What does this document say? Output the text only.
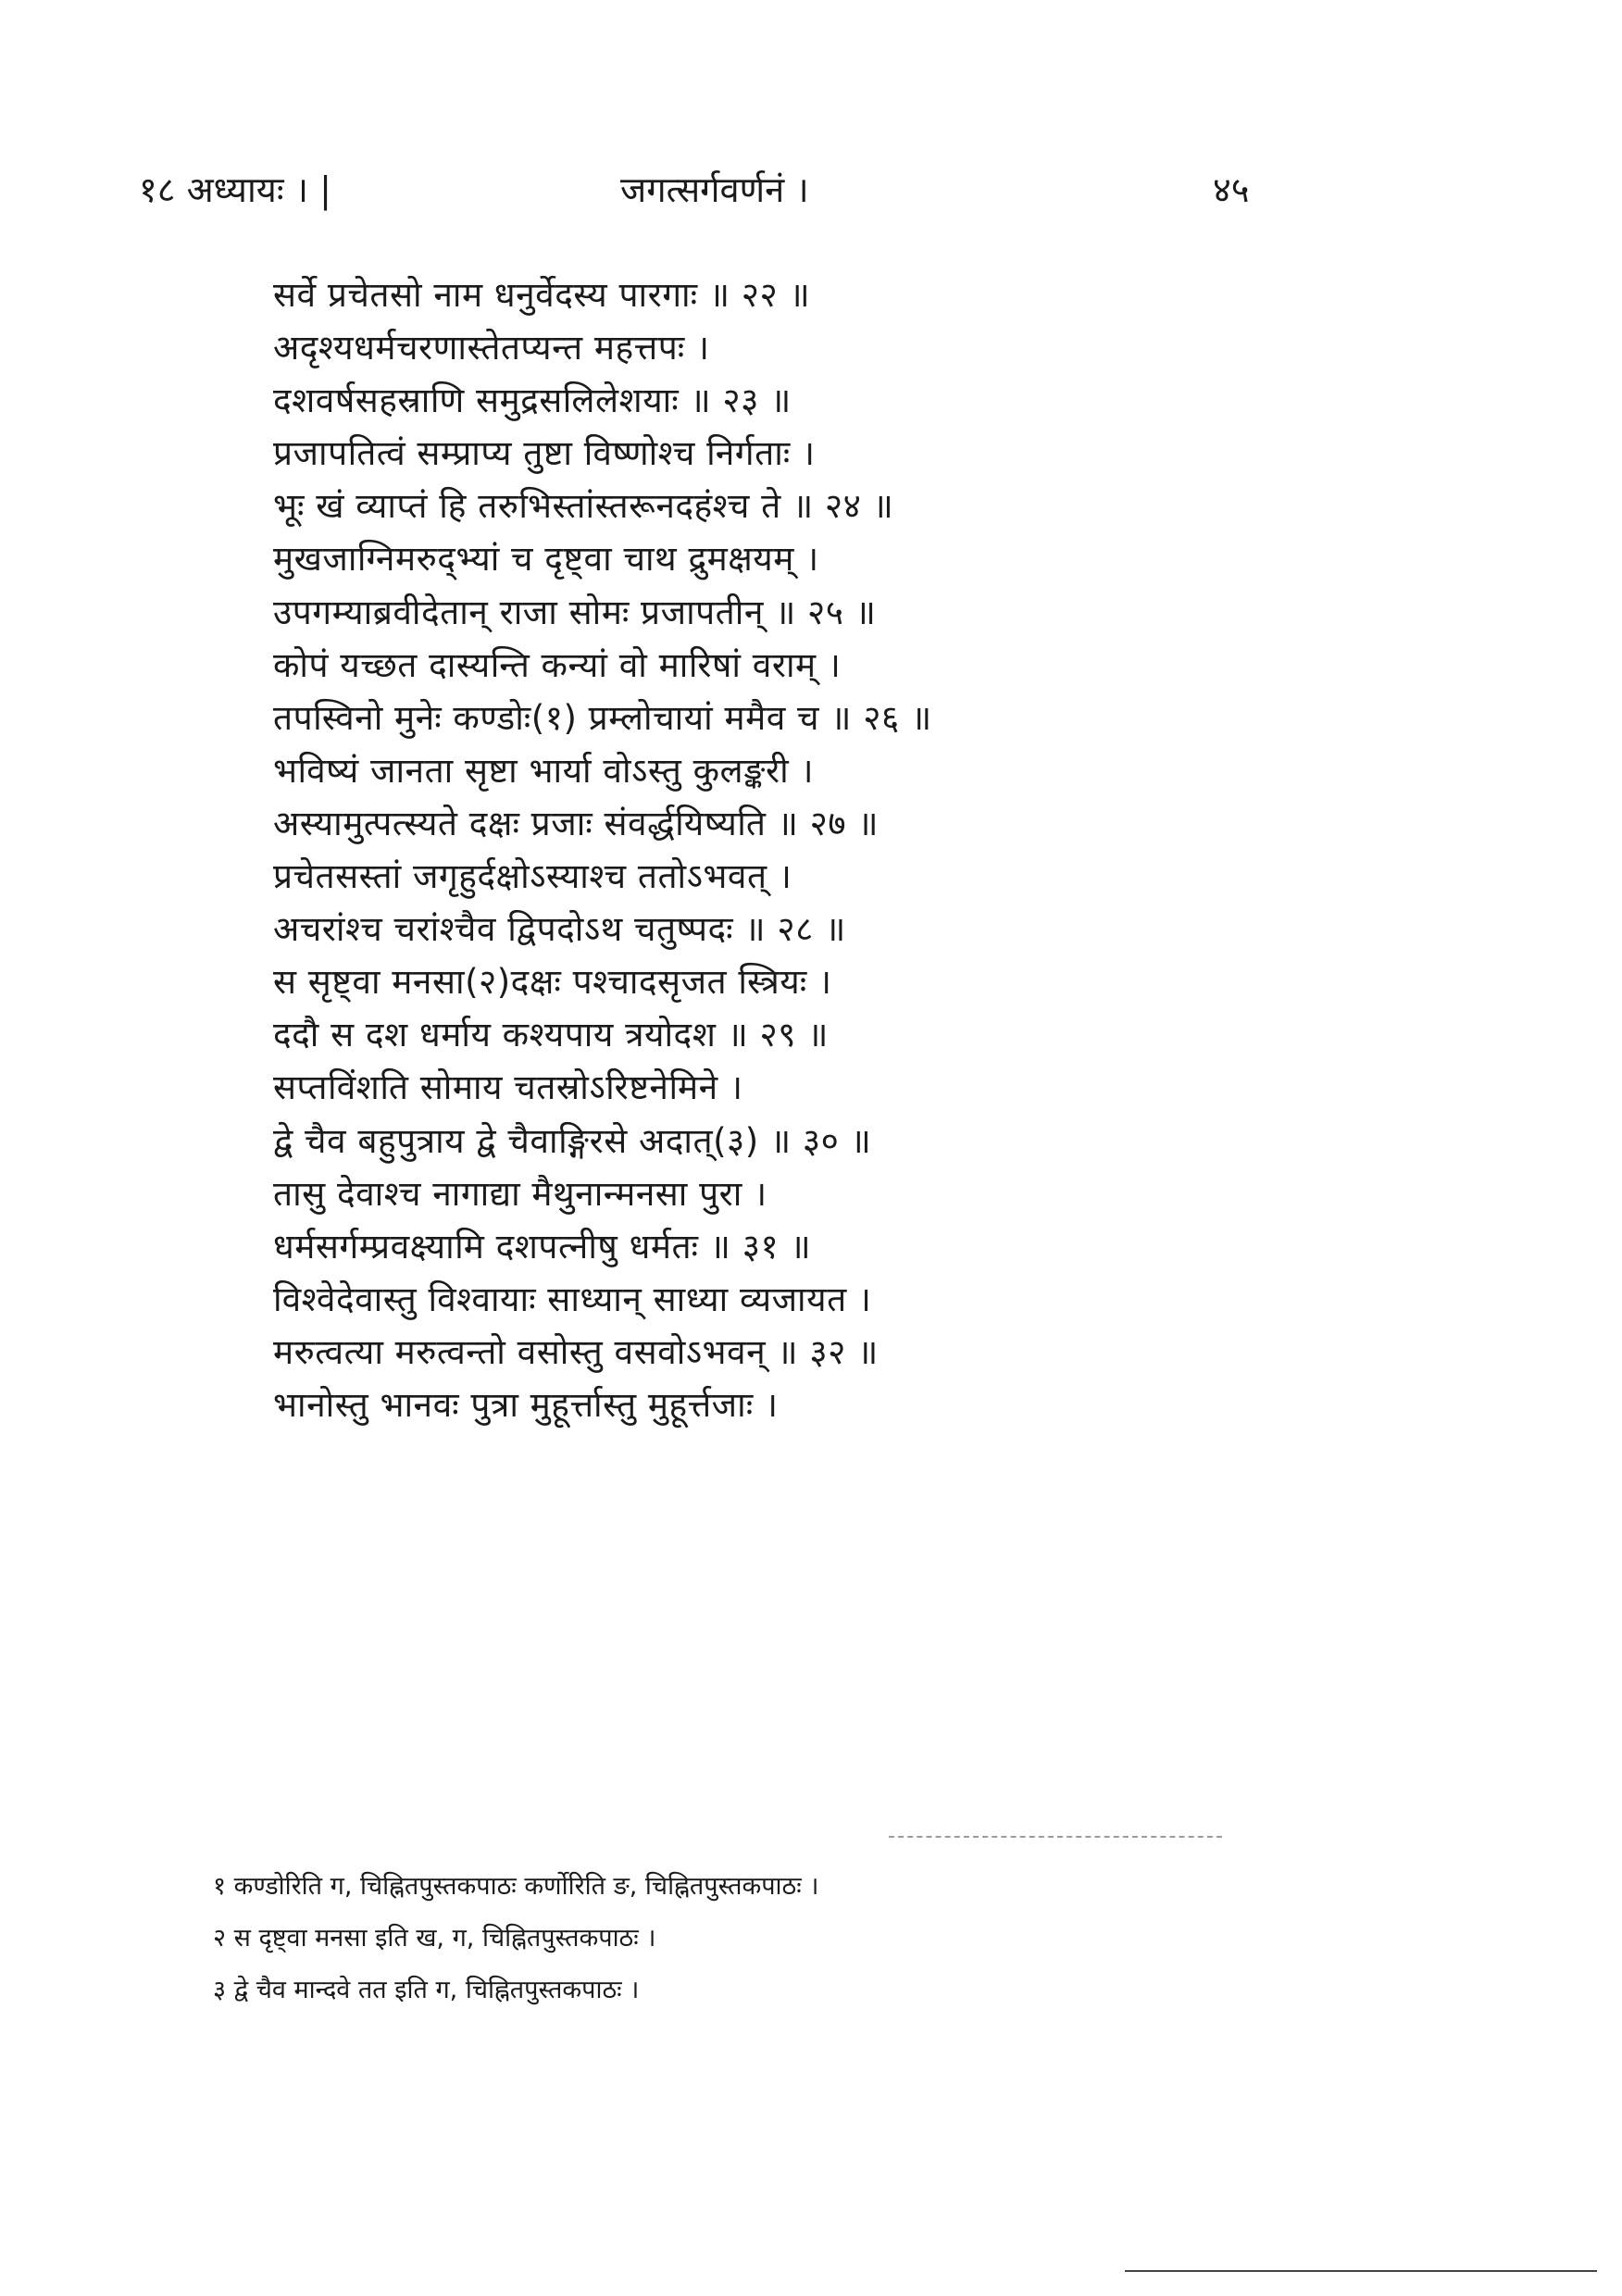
१८ अध्यायः । |	जगत्सर्गवर्णनं ।	४५
सर्वे प्रचेतसो नाम धनुर्वेदस्य पारगाः ॥ २२ ॥
अदृश्यधर्मचरणास्तेतप्यन्त महत्तपः ।
दशवर्षसहस्राणि समुद्रसलिलेशयाः ॥ २३ ॥
प्रजापतित्वं सम्प्राप्य तुष्टा विष्णोश्च निर्गताः ।
भूः खं व्याप्तं हि तरुभिस्तांस्तरूनदहंश्च ते ॥ २४ ॥
मुखजाग्निमरुद्भ्यां च दृष्ट्वा चाथ द्रुमक्षयम् ।
उपगम्याब्रवीदेतान् राजा सोमः प्रजापतीन् ॥ २५ ॥
कोपं यच्छत दास्यन्ति कन्यां वो मारिषां वराम् ।
तपस्विनो मुनेः कण्डोः(१) प्रम्लोचायां ममैव च ॥ २६ ॥
भविष्यं जानता सृष्टा भार्या वोऽस्तु कुलङ्करी ।
अस्यामुत्पत्स्यते दक्षः प्रजाः संवर्द्धयिष्यति ॥ २७ ॥
प्रचेतसस्तां जगृहुर्दक्षोऽस्याश्च ततोऽभवत् ।
अचरांश्च चरांश्चैव द्विपदोऽथ चतुष्पदः ॥ २८ ॥
स सृष्ट्वा मनसा(२)दक्षः पश्चादसृजत स्त्रियः ।
ददौ स दश धर्माय कश्यपाय त्रयोदश ॥ २९ ॥
सप्तविंशति सोमाय चतस्रोऽरिष्टनेमिने ।
द्वे चैव बहुपुत्राय द्वे चैवाङ्गिरसे अदात्(३) ॥ ३० ॥
तासु देवाश्च नागाद्या मैथुनान्मनसा पुरा ।
धर्मसर्गम्प्रवक्ष्यामि दशपत्नीषु धर्मतः ॥ ३१ ॥
विश्वेदेवास्तु विश्वायाः साध्यान् साध्या व्यजायत ।
मरुत्वत्या मरुत्वन्तो वसोस्तु वसवोऽभवन् ॥ ३२ ॥
भानोस्तु भानवः पुत्रा मुहूर्त्तास्तु मुहूर्त्तजाः ।
१ कण्डोरिति ग, चिह्नितपुस्तकपाठः कर्णोरिति ङ, चिह्नितपुस्तकपाठः ।
२ स दृष्ट्वा मनसा इति ख, ग, चिह्नितपुस्तकपाठः ।
३ द्वे चैव मान्दवे तत इति ग, चिह्नितपुस्तकपाठः ।
